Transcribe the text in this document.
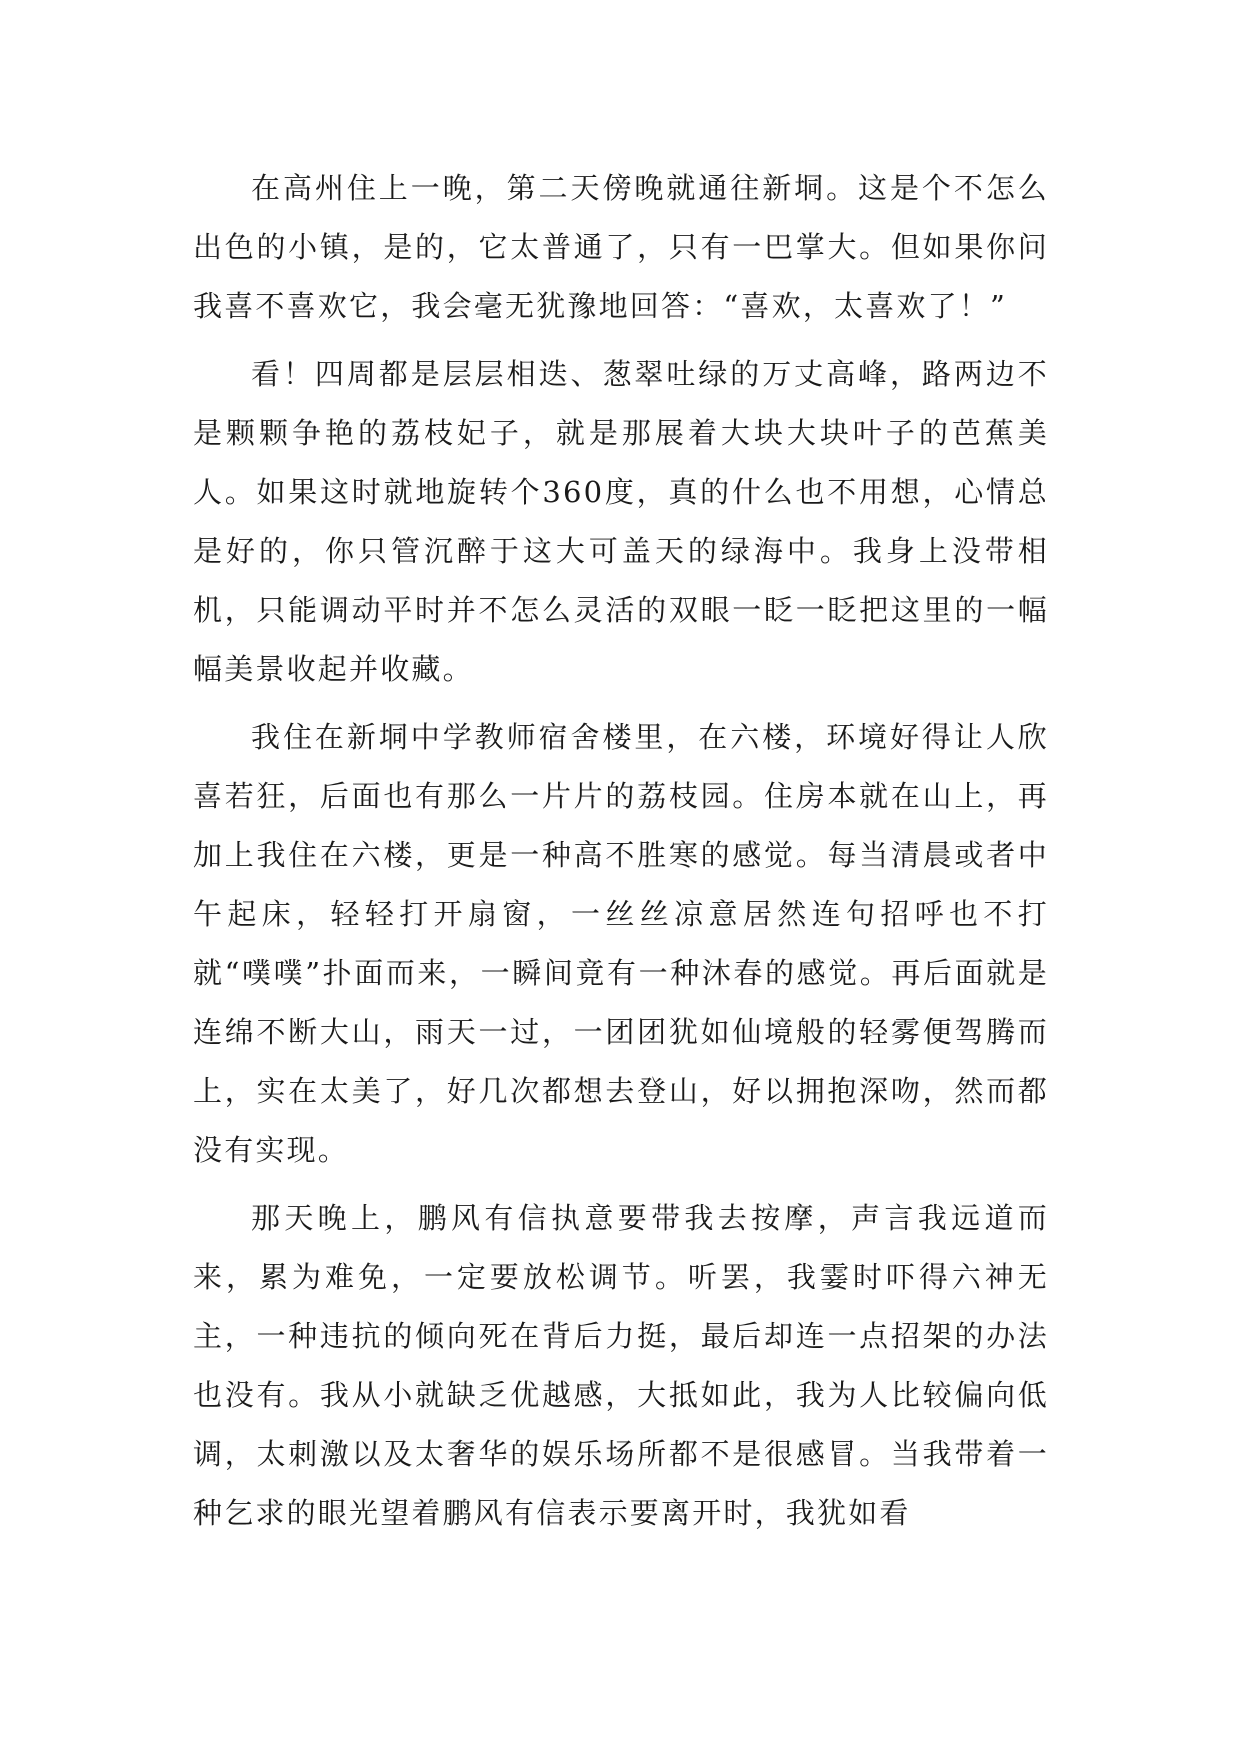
在高州住上一晚，第二天傍晚就通往新垌。这是个不怎么出色的小镇，是的，它太普通了，只有一巴掌大。但如果你问我喜不喜欢它，我会毫无犹豫地回答：“喜欢，太喜欢了！”

看！四周都是层层相迭、葱翠吐绿的万丈高峰，路两边不是颗颗争艳的荔枝妃子，就是那展着大块大块叶子的芭蕉美人。如果这时就地旋转个360度，真的什么也不用想，心情总是好的，你只管沉醉于这大可盖天的绿海中。我身上没带相机，只能调动平时并不怎么灵活的双眼一眨一眨把这里的一幅幅美景收起并收藏。

我住在新垌中学教师宿舍楼里，在六楼，环境好得让人欣喜若狂，后面也有那么一片片的荔枝园。住房本就在山上，再加上我住在六楼，更是一种高不胜寒的感觉。每当清晨或者中午起床，轻轻打开扇窗，一丝丝凉意居然连句招呼也不打就“噗噗”扑面而来，一瞬间竟有一种沐春的感觉。再后面就是连绵不断大山，雨天一过，一团团犹如仙境般的轻雾便驾腾而上，实在太美了，好几次都想去登山，好以拥抱深吻，然而都没有实现。

那天晚上，鹏风有信执意要带我去按摩，声言我远道而来，累为难免，一定要放松调节。听罢，我霎时吓得六神无主，一种违抗的倾向死在背后力挺，最后却连一点招架的办法也没有。我从小就缺乏优越感，大抵如此，我为人比较偏向低调，太刺激以及太奢华的娱乐场所都不是很感冒。当我带着一种乞求的眼光望着鹏风有信表示要离开时，我犹如看
